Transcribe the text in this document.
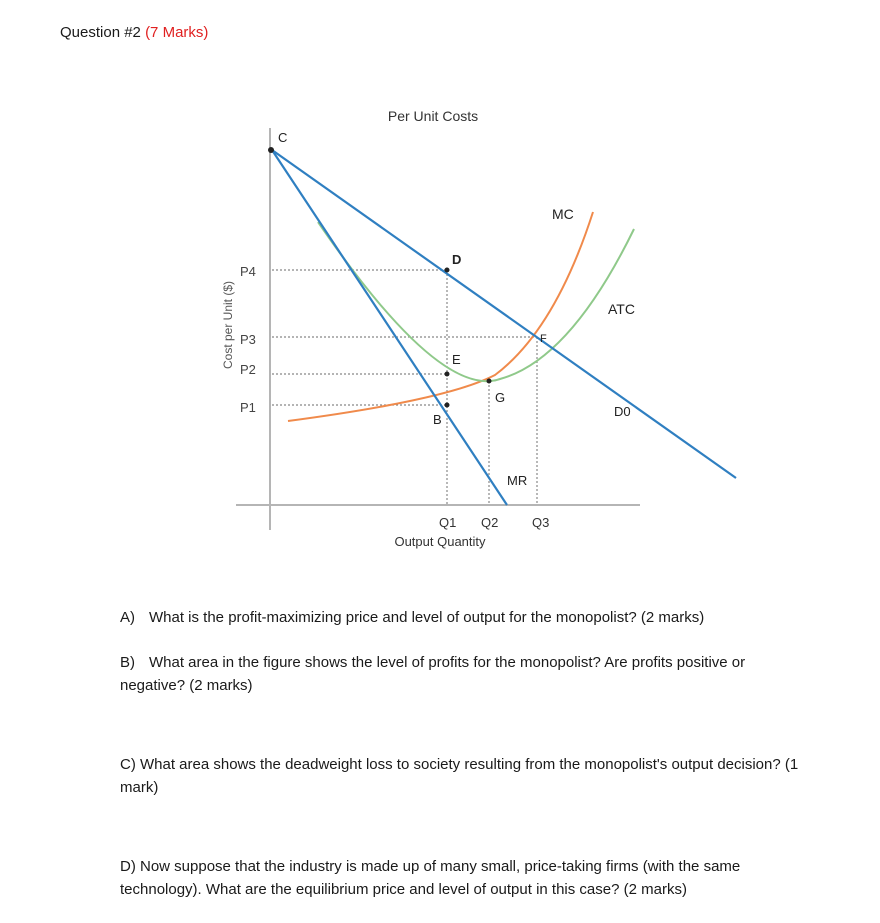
Question #2 (7 Marks)
Per Unit Costs
Cost per Unit ($)
C
D
E
B
G
F
MC
ATC
MR
D0
P4
P3
P2
P1
Q1 Q2	Q3
Output Quantity
A) What is the profit-maximizing price and level of output for the monopolist? (2 marks)
B) What area in the figure shows the level of profits for the monopolist? Are profits positive or negative? (2 marks)
C) What area shows the deadweight loss to society resulting from the monopolist's output decision? (1 mark)
D) Now suppose that the industry is made up of many small, price-taking firms (with the same technology). What are the equilibrium price and level of output in this case? (2 marks)
